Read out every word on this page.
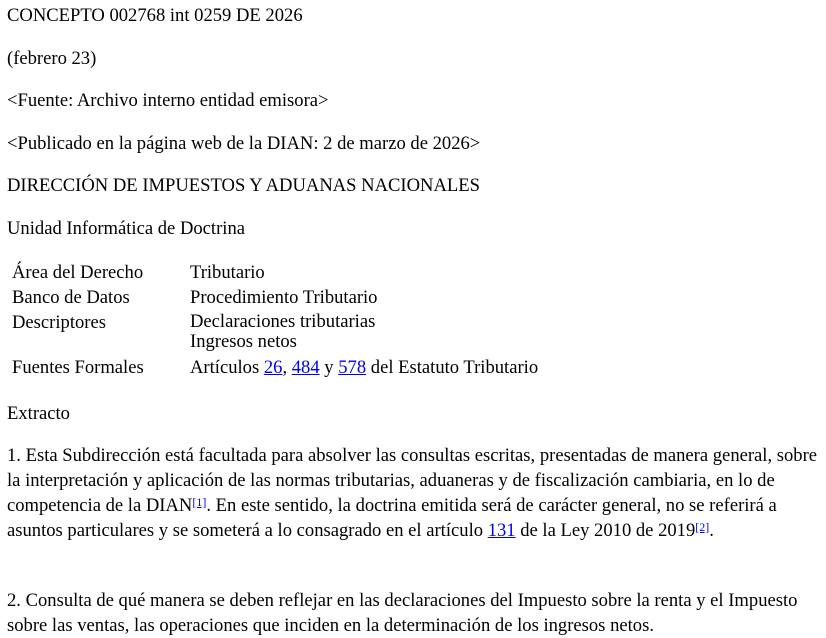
CONCEPTO 002768 int 0259 DE 2026

(febrero 23)

<Fuente: Archivo interno entidad emisora>

<Publicado en la página web de la DIAN: 2 de marzo de 2026>

DIRECCIÓN DE IMPUESTOS Y ADUANAS NACIONALES

Unidad Informática de Doctrina

Área del Derecho	Tributario
Banco de Datos	Procedimiento Tributario
Descriptores	Declaraciones tributarias
Ingresos netos

Fuentes Formales	Artículos 26, 484 y 578 del Estatuto Tributario

Extracto

1. Esta Subdirección está facultada para absolver las consultas escritas, presentadas de manera general, sobre la interpretación y aplicación de las normas tributarias, aduaneras y de fiscalización cambiaria, en lo de competencia de la DIAN[1]. En este sentido, la doctrina emitida será de carácter general, no se referirá a asuntos particulares y se someterá a lo consagrado en el artículo 131 de la Ley 2010 de 2019[2].

2. Consulta de qué manera se deben reflejar en las declaraciones del Impuesto sobre la renta y el Impuesto sobre las ventas, las operaciones que inciden en la determinación de los ingresos netos.
